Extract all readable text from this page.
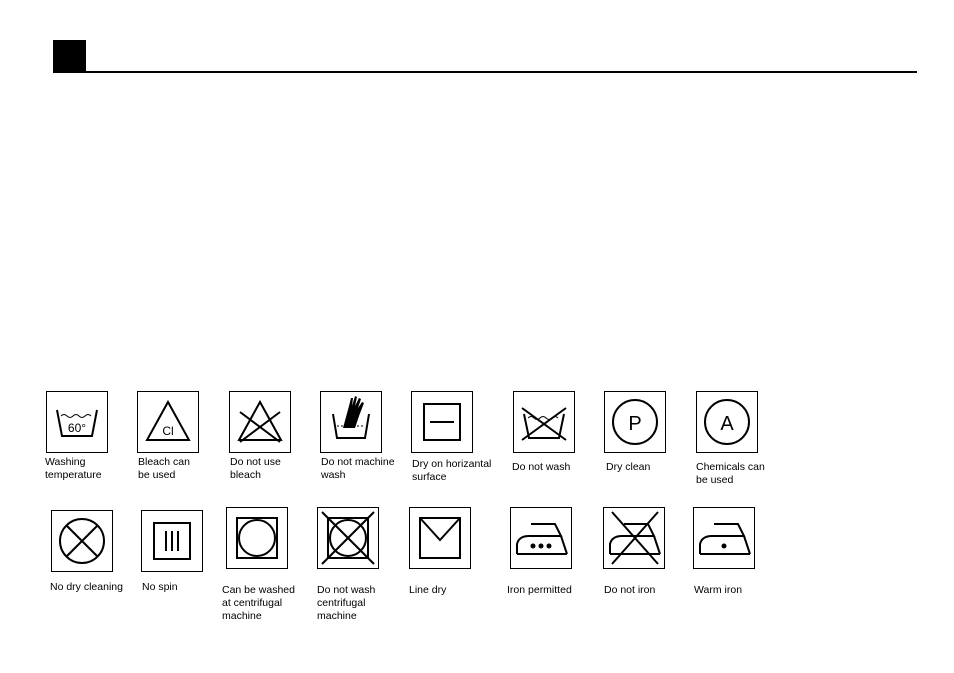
60°
Washing
temperature
Cl
Bleach can
be used
Do not use
bleach
Do not machine
wash
Dry on horizantal
surface
Do not wash
P
Dry clean
A
Chemicals can
be used
No dry cleaning	No spin	Can be washed
at centrifugal
machine
Do not wash
centrifugal
machine
Line dry	Iron permitted	Do not iron	Warm iron
